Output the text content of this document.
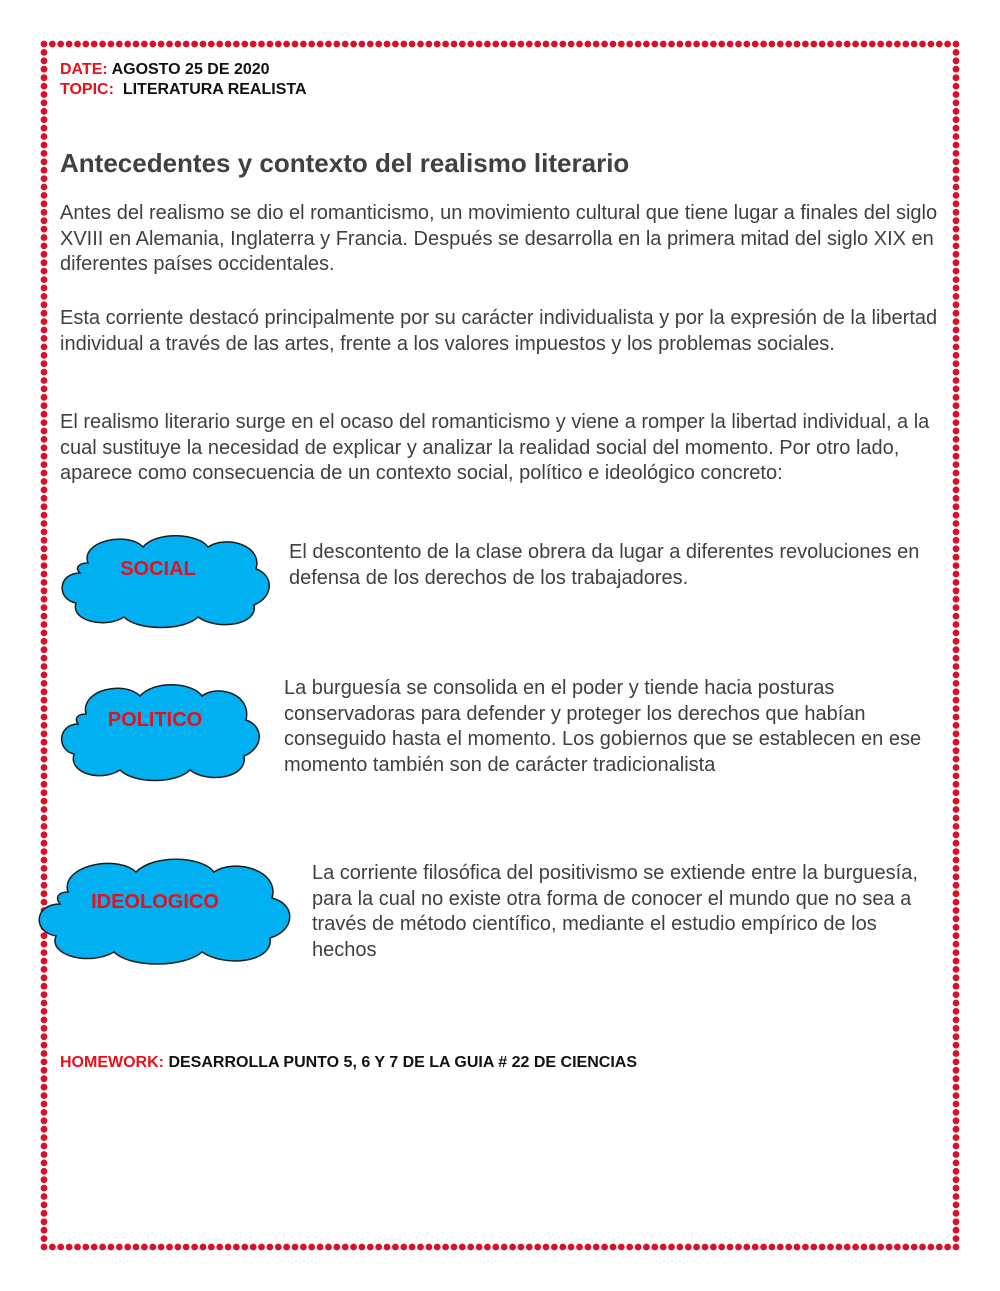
DATE: AGOSTO 25 DE 2020
TOPIC: LITERATURA REALISTA
Antecedentes y contexto del realismo literario

Antes del realismo se dio el romanticismo, un movimiento cultural que tiene lugar a finales del siglo XVIII en Alemania, Inglaterra y Francia. Después se desarrolla en la primera mitad del siglo XIX en diferentes países occidentales.

Esta corriente destacó principalmente por su carácter individualista y por la expresión de la libertad individual a través de las artes, frente a los valores impuestos y los problemas sociales.

El realismo literario surge en el ocaso del romanticismo y viene a romper la libertad individual, a la cual sustituye la necesidad de explicar y analizar la realidad social del momento. Por otro lado, aparece como consecuencia de un contexto social, político e ideológico concreto:

SOCIAL

El descontento de la clase obrera da lugar a diferentes revoluciones en defensa de los derechos de los trabajadores.

POLITICO

La burguesía se consolida en el poder y tiende hacia posturas conservadoras para defender y proteger los derechos que habían conseguido hasta el momento. Los gobiernos que se establecen en ese momento también son de carácter tradicionalista

IDEOLOGICO

La corriente filosófica del positivismo se extiende entre la burguesía, para la cual no existe otra forma de conocer el mundo que no sea a través de método científico, mediante el estudio empírico de los hechos

HOMEWORK: DESARROLLA PUNTO 5, 6 Y 7 DE LA GUIA # 22 DE CIENCIAS
